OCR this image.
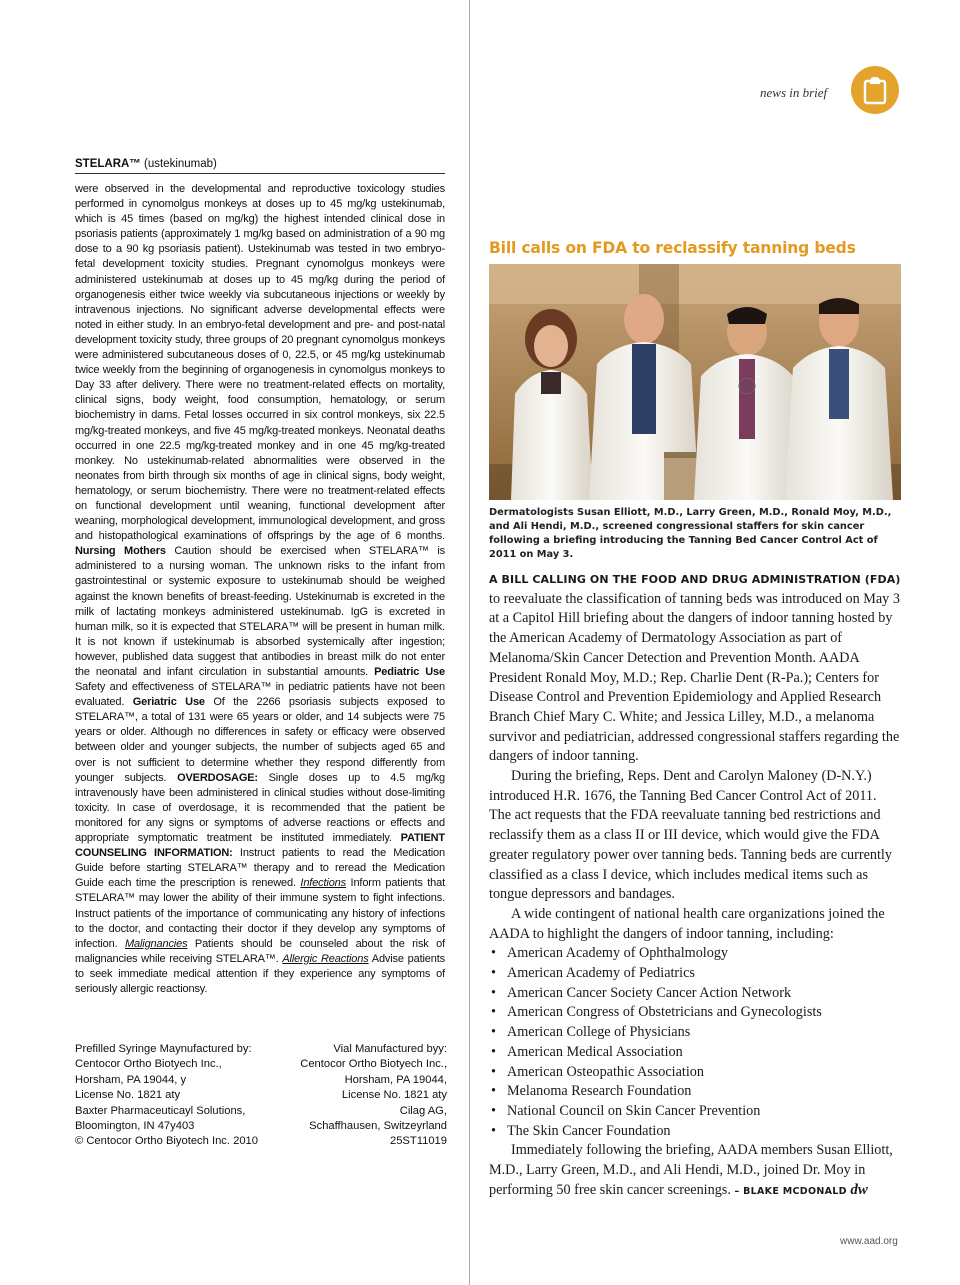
STELARA™ (ustekinumab)
were observed in the developmental and reproductive toxicology studies performed in cynomolgus monkeys at doses up to 45 mg/kg ustekinumab, which is 45 times (based on mg/kg) the highest intended clinical dose in psoriasis patients (approximately 1 mg/kg based on administration of a 90 mg dose to a 90 kg psoriasis patient). Ustekinumab was tested in two embryo-fetal development toxicity studies. Pregnant cynomolgus monkeys were administered ustekinumab at doses up to 45 mg/kg during the period of organogenesis either twice weekly via subcutaneous injections or weekly by intravenous injections. No significant adverse developmental effects were noted in either study. In an embryo-fetal development and pre- and post-natal development toxicity study, three groups of 20 pregnant cynomolgus monkeys were administered subcutaneous doses of 0, 22.5, or 45 mg/kg ustekinumab twice weekly from the beginning of organogenesis in cynomolgus monkeys to Day 33 after delivery. There were no treatment-related effects on mortality, clinical signs, body weight, food consumption, hematology, or serum biochemistry in dams. Fetal losses occurred in six control monkeys, six 22.5 mg/kg-treated monkeys, and five 45 mg/kg-treated monkeys. Neonatal deaths occurred in one 22.5 mg/kg-treated monkey and in one 45 mg/kg-treated monkey. No ustekinumab-related abnormalities were observed in the neonates from birth through six months of age in clinical signs, body weight, hematology, or serum biochemistry. There were no treatment-related effects on functional development until weaning, functional development after weaning, morphological development, immunological development, and gross and histopathological examinations of offsprings by the age of 6 months. Nursing Mothers Caution should be exercised when STELARA™ is administered to a nursing woman. The unknown risks to the infant from gastrointestinal or systemic exposure to ustekinumab should be weighed against the known benefits of breast-feeding. Ustekinumab is excreted in the milk of lactating monkeys administered ustekinumab. IgG is excreted in human milk, so it is expected that STELARA™ will be present in human milk. It is not known if ustekinumab is absorbed systemically after ingestion; however, published data suggest that antibodies in breast milk do not enter the neonatal and infant circulation in substantial amounts. Pediatric Use Safety and effectiveness of STELARA™ in pediatric patients have not been evaluated. Geriatric Use Of the 2266 psoriasis subjects exposed to STELARA™, a total of 131 were 65 years or older, and 14 subjects were 75 years or older. Although no differences in safety or efficacy were observed between older and younger subjects, the number of subjects aged 65 and over is not sufficient to determine whether they respond differently from younger subjects. OVERDOSAGE: Single doses up to 4.5 mg/kg intravenously have been administered in clinical studies without dose-limiting toxicity. In case of overdosage, it is recommended that the patient be monitored for any signs or symptoms of adverse reactions or effects and appropriate symptomatic treatment be instituted immediately. PATIENT COUNSELING INFORMATION: Instruct patients to read the Medication Guide before starting STELARA™ therapy and to reread the Medication Guide each time the prescription is renewed. Infections Inform patients that STELARA™ may lower the ability of their immune system to fight infections. Instruct patients of the importance of communicating any history of infections to the doctor, and contacting their doctor if they develop any symptoms of infection. Malignancies Patients should be counseled about the risk of malignancies while receiving STELARA™. Allergic Reactions Advise patients to seek immediate medical attention if they experience any symptoms of seriously allergic reactionsy.
Prefilled Syringe Maynufactured by:	Vial Manufactured byy:
Centocor Ortho Biotyech Inc.,	Centocor Ortho Biotyech Inc.,
Horsham, PA 19044, y	Horsham, PA 19044,
License No. 1821 aty	License No. 1821 aty
Baxter Pharmaceuticayl Solutions,	Cilag AG,
Bloomington, IN 47y403	Schaffhausen, Switzeyrland
© Centocor Ortho Biyotech Inc. 2010	25ST11019
news in brief
Bill calls on FDA to reclassify tanning beds
AAD
Dermatologists Susan Elliott, M.D., Larry Green, M.D., Ronald Moy, M.D., and Ali Hendi, M.D., screened congressional staffers for skin cancer following a briefing introducing the Tanning Bed Cancer Control Act of 2011 on May 3.

A BILL CALLING ON THE FOOD AND DRUG ADMINISTRATION (FDA) to reevaluate the classification of tanning beds was introduced on May 3 at a Capitol Hill briefing about the dangers of indoor tanning hosted by the American Academy of Dermatology Association as part of Melanoma/Skin Cancer Detection and Prevention Month. AADA President Ronald Moy, M.D.; Rep. Charlie Dent (R-Pa.); Centers for Disease Control and Prevention Epidemiology and Applied Research Branch Chief Mary C. White; and Jessica Lilley, M.D., a melanoma survivor and pediatrician, addressed congressional staffers regarding the dangers of indoor tanning.

During the briefing, Reps. Dent and Carolyn Maloney (D-N.Y.) introduced H.R. 1676, the Tanning Bed Cancer Control Act of 2011. The act requests that the FDA reevaluate tanning bed restrictions and reclassify them as a class II or III device, which would give the FDA greater regulatory power over tanning beds. Tanning beds are currently classified as a class I device, which includes medical items such as tongue depressors and bandages.

A wide contingent of national health care organizations joined the AADA to highlight the dangers of indoor tanning, including:

• American Academy of Ophthalmology
• American Academy of Pediatrics
• American Cancer Society Cancer Action Network
• American Congress of Obstetricians and Gynecologists
• American College of Physicians
• American Medical Association
• American Osteopathic Association
• Melanoma Research Foundation
• National Council on Skin Cancer Prevention
• The Skin Cancer Foundation

Immediately following the briefing, AADA members Susan Elliott, M.D., Larry Green, M.D., and Ali Hendi, M.D., joined Dr. Moy in performing 50 free skin cancer screenings. – BLAKE MCDONALD dw

www.aad.org
